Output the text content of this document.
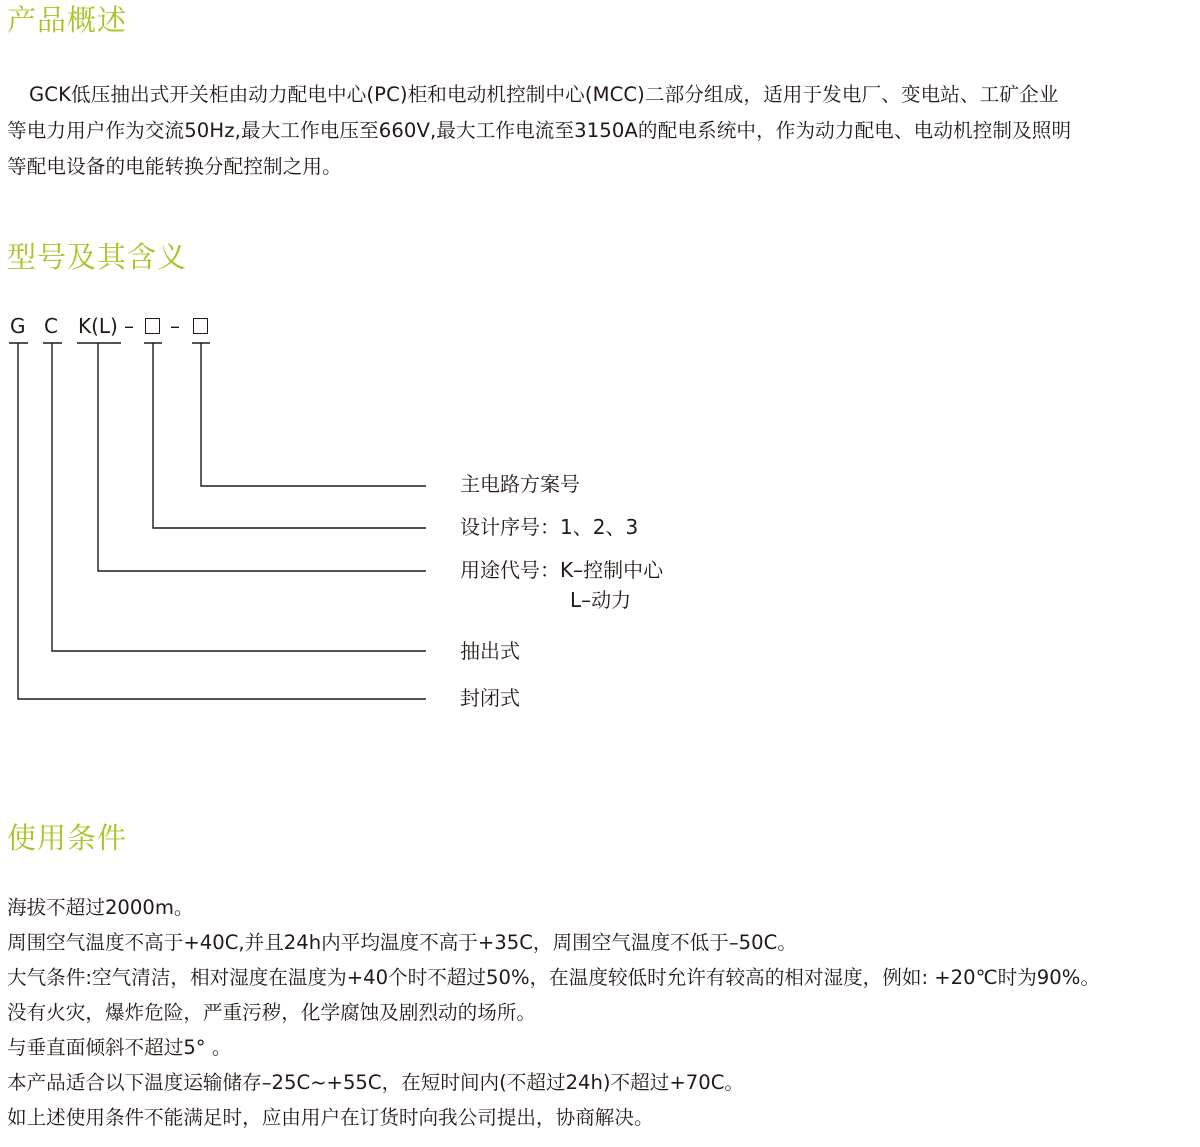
产品概述
GCK低压抽出式开关柜由动力配电中心(PC)柜和电动机控制中心(MCC)二部分组成，适用于发电厂、变电站、工矿企业
等电力用户作为交流50Hz,最大工作电压至660V,最大工作电流至3150A的配电系统中，作为动力配电、电动机控制及照明
等配电设备的电能转换分配控制之用。
型号及其含义
G C K(L) – –
主电路方案号
设计序号：1、2、3
用途代号：K–控制中心
L–动力
抽出式
封闭式
使用条件
海拔不超过2000m。
周围空气温度不高于+40C,并且24h内平均温度不高于+35C，周围空气温度不低于–50C。
大气条件:空气清洁，相对湿度在温度为+40个时不超过50%，在温度较低时允许有较高的相对湿度，例如: +20℃时为90%。
没有火灾，爆炸危险，严重污秽，化学腐蚀及剧烈动的场所。
与垂直面倾斜不超过5° 。
本产品适合以下温度运输储存–25C~+55C，在短时间内(不超过24h)不超过+70C。
如上述使用条件不能满足时，应由用户在订货时向我公司提出，协商解决。
